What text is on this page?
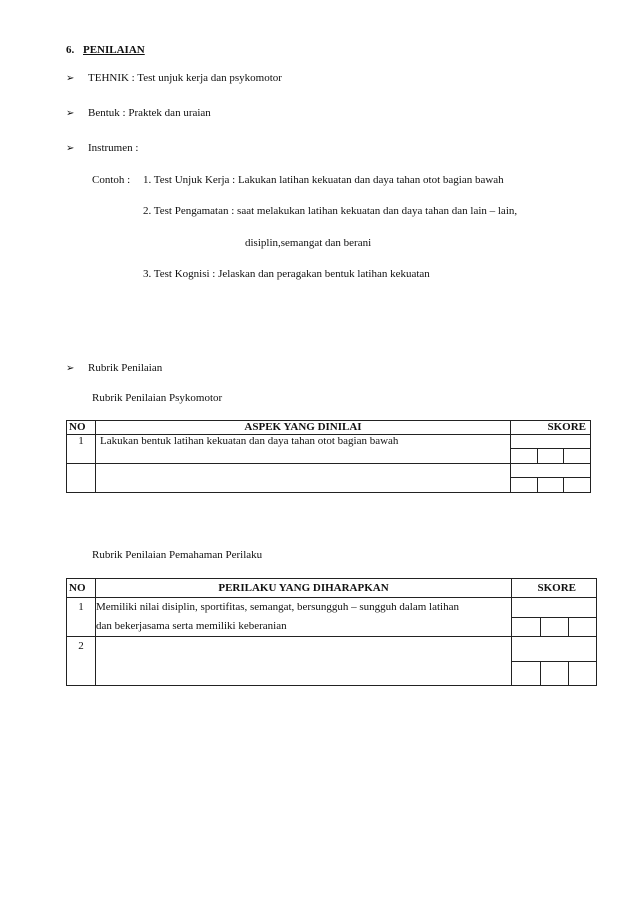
6. PENILAIAN
➢ TEHNIK : Test unjuk kerja dan psykomotor
➢ Bentuk : Praktek dan uraian
➢ Instrumen :
Contoh : 1. Test Unjuk Kerja : Lakukan latihan kekuatan dan daya tahan otot bagian bawah
2. Test Pengamatan : saat melakukan latihan kekuatan dan daya tahan dan lain – lain,
disiplin,semangat dan berani
3. Test Kognisi : Jelaskan dan peragakan bentuk latihan kekuatan
➢ Rubrik Penilaian
Rubrik Penilaian Psykomotor
NO	ASPEK YANG DINILAI	SKORE
1	Lakukan bentuk latihan kekuatan dan daya tahan otot bagian bawah	

Rubrik Penilaian Pemahaman Perilaku
NO	PERILAKU YANG DIHARAPKAN	SKORE
1	Memiliki nilai disiplin, sportifitas, semangat, bersungguh – sungguh dalam latihan
dan bekerjasama serta memiliki keberanian

2	
